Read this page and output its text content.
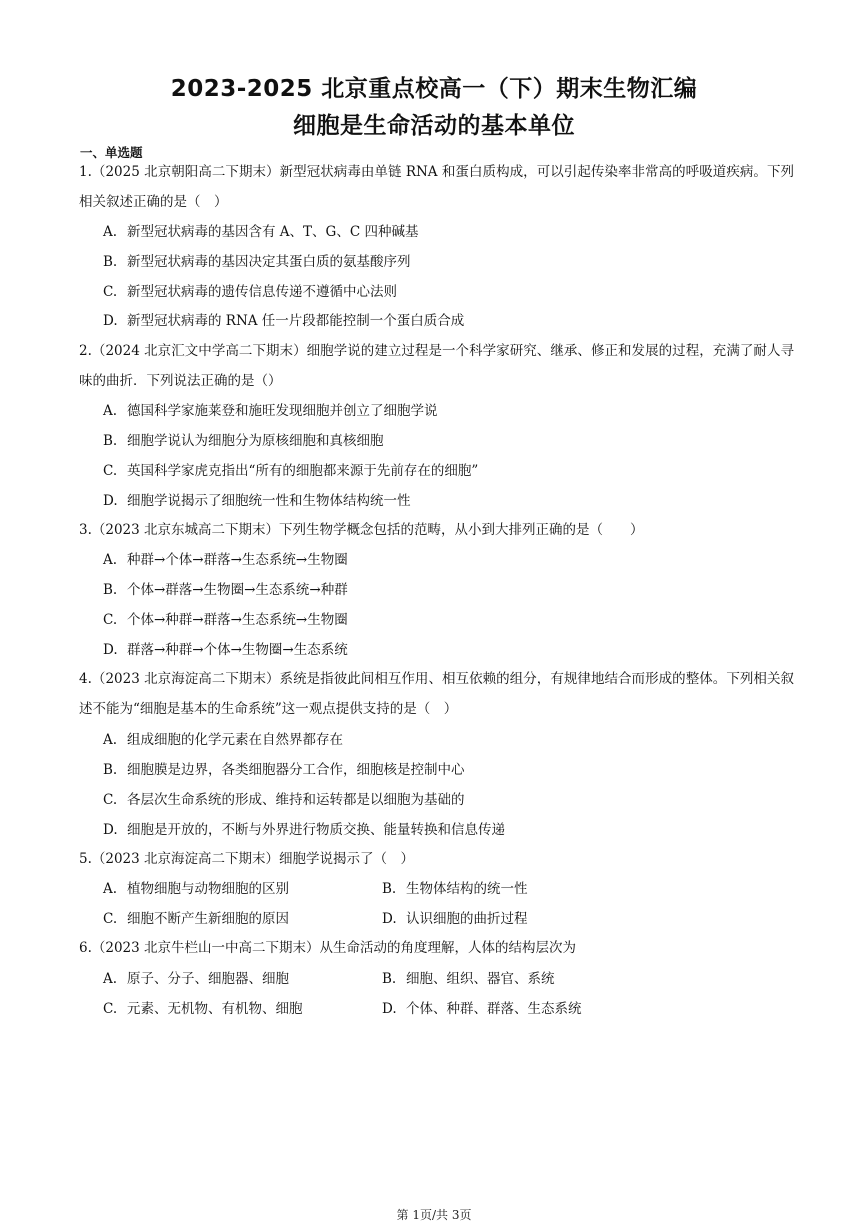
2023-2025 北京重点校高一（下）期末生物汇编
细胞是生命活动的基本单位
一、单选题
1.（2025 北京朝阳高二下期末）新型冠状病毒由单链 RNA 和蛋白质构成，可以引起传染率非常高的呼吸道疾病。下列相关叙述正确的是（　）
A. 新型冠状病毒的基因含有 A、T、G、C 四种碱基
B. 新型冠状病毒的基因决定其蛋白质的氨基酸序列
C. 新型冠状病毒的遗传信息传递不遵循中心法则
D. 新型冠状病毒的 RNA 任一片段都能控制一个蛋白质合成
2.（2024 北京汇文中学高二下期末）细胞学说的建立过程是一个科学家研究、继承、修正和发展的过程，充满了耐人寻味的曲折．下列说法正确的是（）
A. 德国科学家施莱登和施旺发现细胞并创立了细胞学说
B. 细胞学说认为细胞分为原核细胞和真核细胞
C. 英国科学家虎克指出“所有的细胞都来源于先前存在的细胞”
D. 细胞学说揭示了细胞统一性和生物体结构统一性
3.（2023 北京东城高二下期末）下列生物学概念包括的范畴，从小到大排列正确的是（　　）
A. 种群→个体→群落→生态系统→生物圈
B. 个体→群落→生物圈→生态系统→种群
C. 个体→种群→群落→生态系统→生物圈
D. 群落→种群→个体→生物圈→生态系统
4.（2023 北京海淀高二下期末）系统是指彼此间相互作用、相互依赖的组分，有规律地结合而形成的整体。下列相关叙述不能为“细胞是基本的生命系统”这一观点提供支持的是（　）
A. 组成细胞的化学元素在自然界都存在
B. 细胞膜是边界，各类细胞器分工合作，细胞核是控制中心
C. 各层次生命系统的形成、维持和运转都是以细胞为基础的
D. 细胞是开放的，不断与外界进行物质交换、能量转换和信息传递
5.（2023 北京海淀高二下期末）细胞学说揭示了（　）
A. 植物细胞与动物细胞的区别	B. 生物体结构的统一性
C. 细胞不断产生新细胞的原因	D. 认识细胞的曲折过程
6.（2023 北京牛栏山一中高二下期末）从生命活动的角度理解，人体的结构层次为
A. 原子、分子、细胞器、细胞	B. 细胞、组织、器官、系统
C. 元素、无机物、有机物、细胞	D. 个体、种群、群落、生态系统
第 1页/共 3页
